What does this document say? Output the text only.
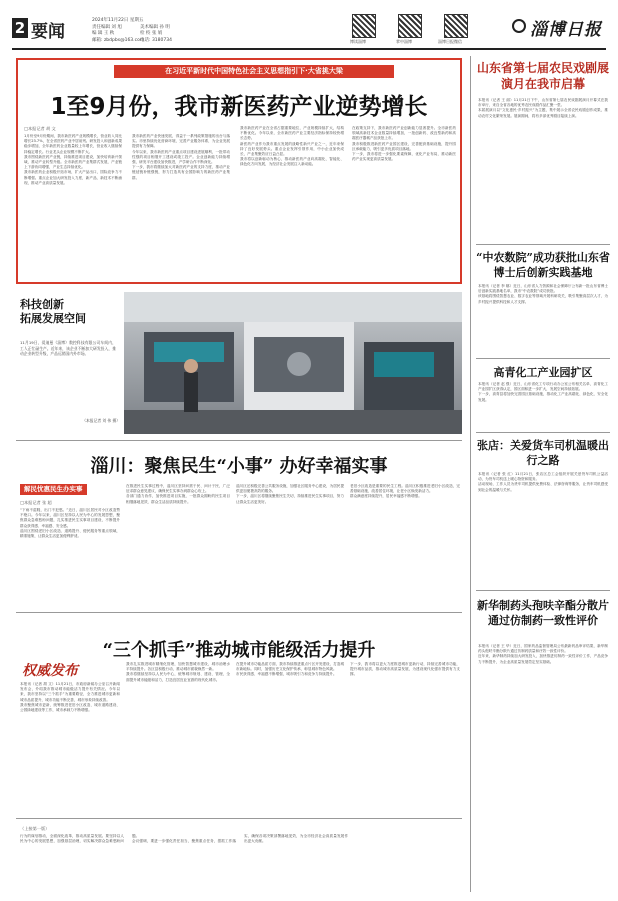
2 要闻
2024年11月22日 星期五
责任编辑 刘 旭
编 辑 王 秋
邮箱: zbdpbs@163.com
美术编辑 孙 明
检 校 张 娟
电话: 3180734	博读淄博	掌中淄博	淄博日报微信
淄博日报
在习近平新时代中国特色社会主义思想指引下·大省挑大梁
1至9月份，我市新医药产业逆势增长
□本报记者 胡 文
1月份至9月份期间，我市新医药产业规模增长，营业收入同比增长23.7%，在全省医药产业中居前列。研发投入和创新成果稳步增加，全年新医药企业数量较上年增长，营业收入继续保持稳定增长。行业龙头企业规模不断扩大。
我市围绕新医药产业链，持续推进项目建设，加快培育新兴领域，推动产业转型升级。全市新医药产业集群式发展，产业链上下游协同增强，产业生态持续优化。
我市新医药企业积极开拓市场，扩大产品出口，国际竞争力不断增强。重点企业加大研发投入力度，新产品、新技术不断涌现，推动产业高质量发展。
我市新医药产业快速发展，得益于一系列政策措施的出台与落实。市里持续优化营商环境，完善产业服务体系，为企业发展提供有力保障。
今年以来，我市新医药产业重点项目建设进展顺利，一批带动性强的项目相继开工建设或竣工投产。企业创新能力持续增强，研发平台建设加快推进，产学研合作不断深化。
下一步，我市将继续加大对新医药产业的支持力度，推动产业链延链补链强链，努力打造具有全国影响力的新医药产业集群。
我市新医药产业在全省占据重要地位，产业规模持续扩大，结构不断优化。今年以来，全市新医药产业主要经济指标保持较快增长态势。
新医药产业作为我市重点发展的战略性新兴产业之一，近年来保持了良好发展势头。重点企业发挥引领作用，中小企业加快成长，产业集聚效应日益凸显。
我市将以创新驱动为核心，推动新医药产业向高端化、智能化、绿色化方向发展，为经济社会发展注入新动能。
在政策支持下，我市新医药产业创新能力显著提升。全市新医药领域高新技术企业数量持续增加，一批创新药、改良型新药和高端医疗器械产品获批上市。
我市积极推进新医药产业园区建设，完善配套基础设施，提升园区承载能力，吸引更多优质项目落地。
下一步，我市将进一步强化要素保障，优化产业布局，推动新医药产业实现更高质量发展。
科技创新
拓展发展空间
11月19日，爱迪曼（淄博）数控科技有限公司车间内，工人正忙碌生产。近年来，该企业不断加大研发投入，推动企业转型升级，产品远销国内外市场。
（本报记者 刘 伟 摄）
淄川：聚焦民生“小事” 办好幸福实事
解民忧惠民生办实事
□本报记者 张 超
“下雨不湿鞋，出门不犯愁。”近日，淄川区居民对小区改造赞不绝口。今年以来，淄川区坚持以人民为中心的发展思想，聚焦群众急难愁盼问题，扎实推进民生实事项目建设，不断提升群众获得感、幸福感、安全感。
淄川区围绕老旧小区改造、道路提升、便民服务等重点领域，精准施策，让群众生活更加便利舒适。
在推进民生实事过程中，淄川区坚持问需于民、问计于民，广泛征求群众意见建议，确保民生实事办到群众心坎上。
各部门通力协作，加快推进项目实施，一批群众期盼的民生项目相继落地见效，群众生活品质持续提升。
淄川区还积极完善公共服务设施，加强社区服务中心建设，为居民提供更加便捷高效的服务。
下一步，淄川区将继续聚焦民生关切，持续推进民生实事项目，努力让群众生活更美好。
老旧小区改造是重要的民生工程。淄川区积极推进老旧小区改造，完善基础设施，改善居住环境，让老小区焕发新活力。
群众满意度持续提升，居民幸福感不断增强。
“三个抓手”推动城市能级活力提升
权威发布
本报讯（记者 胡 文）11月21日，市政府新闻办公室召开新闻发布会，介绍我市推动城市能级活力提升有关情况。今年以来，我市坚持以“三个抓手”为重要路径，全力推进城市更新和城市品质提升，城市功能不断完善，城市形象持续改善。
我市聚焦城市更新，统筹推进老旧小区改造、城市道路建设、公园绿地建设等工作，城市承载力不断增强。
我市扎实推进城市精细化管理，加快智慧城市建设，城市治理水平持续提升。各区县积极行动，推动城市面貌焕然一新。
我市将继续坚持以人民为中心，统筹城市规划、建设、管理，全面提升城市能级和活力，打造宜居宜业宜游的现代化城市。
在提升城市功能品质方面，我市持续推进重点片区开发建设，打造城市新地标。同时，加强历史文化保护传承，彰显城市特色风貌。
市民获得感、幸福感不断增强，城市吸引力和竞争力持续提升。
下一步，我市将以更大力度推进城市更新行动，持续完善城市功能，提升城市品质，推动城市高质量发展，为建设现代化强市提供有力支撑。
（上接第一版）
行为的谋划推动，全面深化改革，推动高质量发展。要坚持以人民为中心的发展思想，加强基层治理，切实解决群众急难愁盼问题。
会议强调，要进一步强化责任担当，聚焦重点任务，狠抓工作落实，确保各项决策部署落地见效，为全市经济社会高质量发展作出更大贡献。
山东省第七届农民戏剧展演月在我市启幕
本报讯（记者 王 丽）11月21日下午，山东省第七届农民戏剧展演月开幕式在我市举行，来自全省各地的优秀农民戏剧作品汇聚一堂。
本届展演月以“文化惠民·乡村振兴”为主题，集中展示全省农民戏剧创作成果，推动农村文化繁荣发展。展演期间，将有多部优秀剧目陆续上演。
“中农数院”成功获批山东省博士后创新实践基地
本报讯（记者 李 娜）近日，山东省人力资源和社会保障厅公布新一批山东省博士后创新实践基地名单，我市“中农数院”成功获批。
该基地将围绕智慧农业、数字农业等领域开展科研攻关，吸引集聚高层次人才，为乡村振兴提供科技和人才支撑。
高青化工产业园扩区
本报讯（记者 赵 强）近日，山东省化工专项行动办公室公布相关名单，高青化工产业园扩区获得认定，园区面积进一步扩大，发展空间持续拓展。
下一步，高青县将加快完善园区基础设施，推动化工产业高端化、绿色化、安全化发展。
张店：关爱货车司机温暖出行之路
本报讯（记者 张 红）11月21日，张店区总工会组织开展关爱货车司机公益活动，为货车司机送上暖心物资和服务。
活动现场，工作人员为货车司机提供免费体检、法律咨询等服务，让货车司机感受到社会的温暖与关怀。
新华制药头孢呋辛酯分散片通过仿制药一致性评价
本报讯（记者 王 华）近日，国家药品监督管理局公布最新药品审评结果，新华制药头孢呋辛酯分散片通过仿制药质量和疗效一致性评价。
近年来，新华制药持续加大研发投入，加快推进仿制药一致性评价工作，产品竞争力不断提升，为企业高质量发展奠定坚实基础。
